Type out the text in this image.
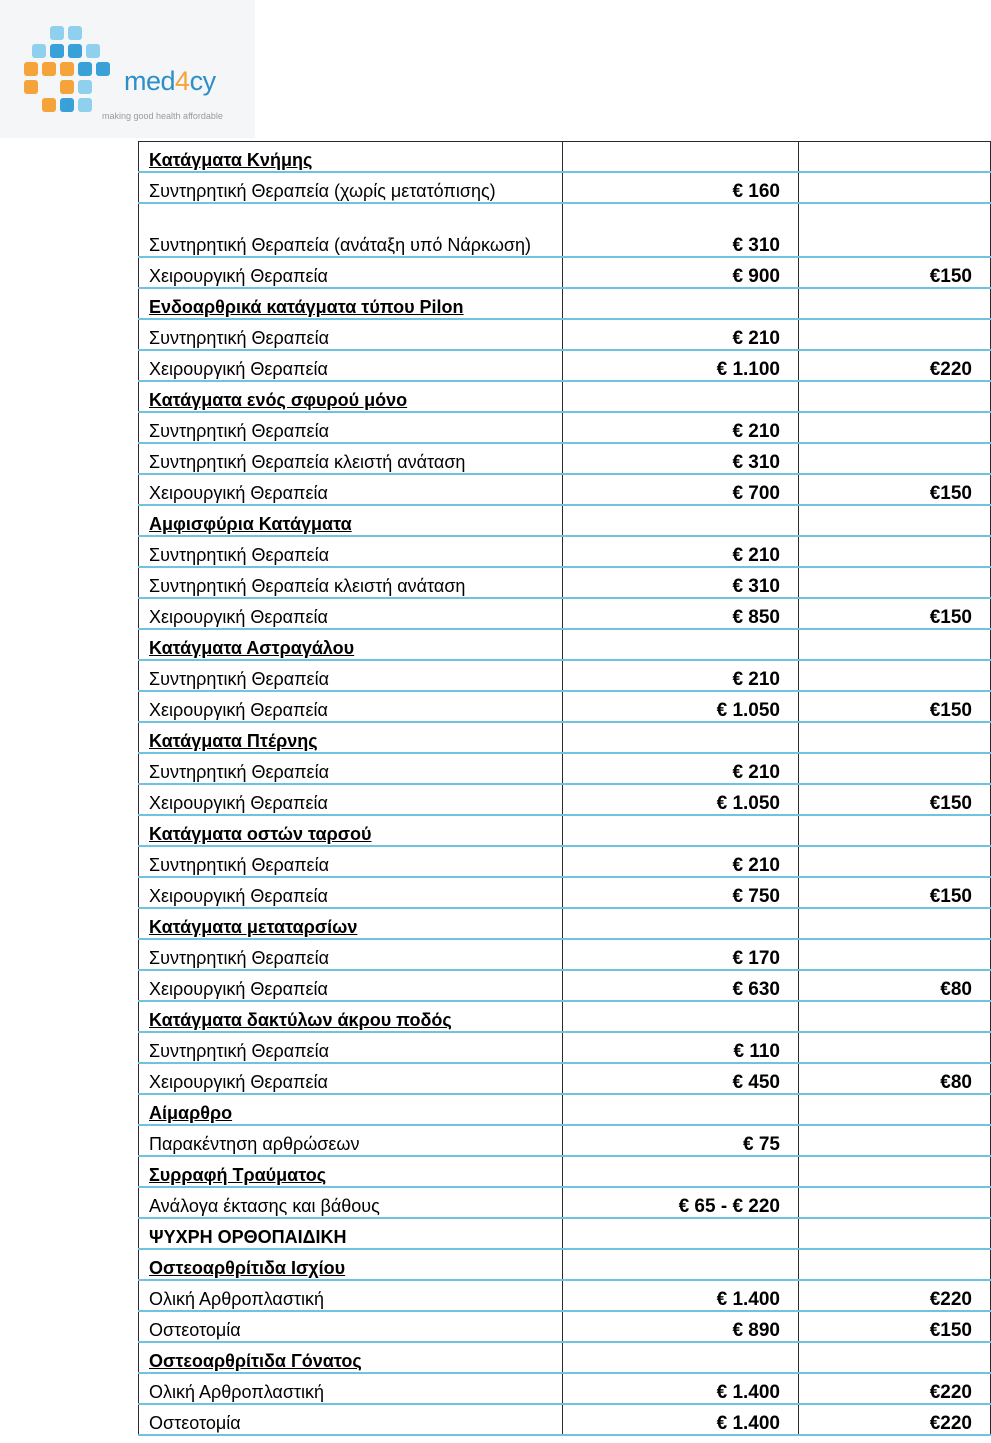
med4cy
making good health affordable
Κατάγματα Κνήμης		
Συντηρητική Θεραπεία (χωρίς μετατόπισης)	€ 160	
Συντηρητική Θεραπεία (ανάταξη υπό Νάρκωση)	€ 310	
Χειρουργική Θεραπεία	€ 900	€150
Ενδοαρθρικά κατάγματα τύπου Pilon		
Συντηρητική Θεραπεία	€ 210	
Χειρουργική Θεραπεία	€ 1.100	€220
Κατάγματα ενός σφυρού μόνο		
Συντηρητική Θεραπεία	€ 210	
Συντηρητική Θεραπεία κλειστή ανάταση	€ 310	
Χειρουργική Θεραπεία	€ 700	€150
Αμφισφύρια Κατάγματα		
Συντηρητική Θεραπεία	€ 210	
Συντηρητική Θεραπεία κλειστή ανάταση	€ 310	
Χειρουργική Θεραπεία	€ 850	€150
Κατάγματα Αστραγάλου		
Συντηρητική Θεραπεία	€ 210	
Χειρουργική Θεραπεία	€ 1.050	€150
Κατάγματα Πτέρνης		
Συντηρητική Θεραπεία	€ 210	
Χειρουργική Θεραπεία	€ 1.050	€150
Κατάγματα οστών ταρσού		
Συντηρητική Θεραπεία	€ 210	
Χειρουργική Θεραπεία	€ 750	€150
Κατάγματα μεταταρσίων		
Συντηρητική Θεραπεία	€ 170	
Χειρουργική Θεραπεία	€ 630	€80
Κατάγματα δακτύλων άκρου ποδός		
Συντηρητική Θεραπεία	€ 110	
Χειρουργική Θεραπεία	€ 450	€80
Αίμαρθρο		
Παρακέντηση αρθρώσεων	€ 75	
Συρραφή Τραύματος		
Ανάλογα έκτασης και βάθους	€ 65 - € 220	
ΨΥΧΡΗ ΟΡΘΟΠΑΙΔΙΚΗ		
Οστεοαρθρίτιδα Ισχίου		
Ολική Αρθροπλαστική	€ 1.400	€220
Οστεοτομία	€ 890	€150
Οστεοαρθρίτιδα Γόνατος		
Ολική Αρθροπλαστική	€ 1.400	€220
Οστεοτομία	€ 1.400	€220
